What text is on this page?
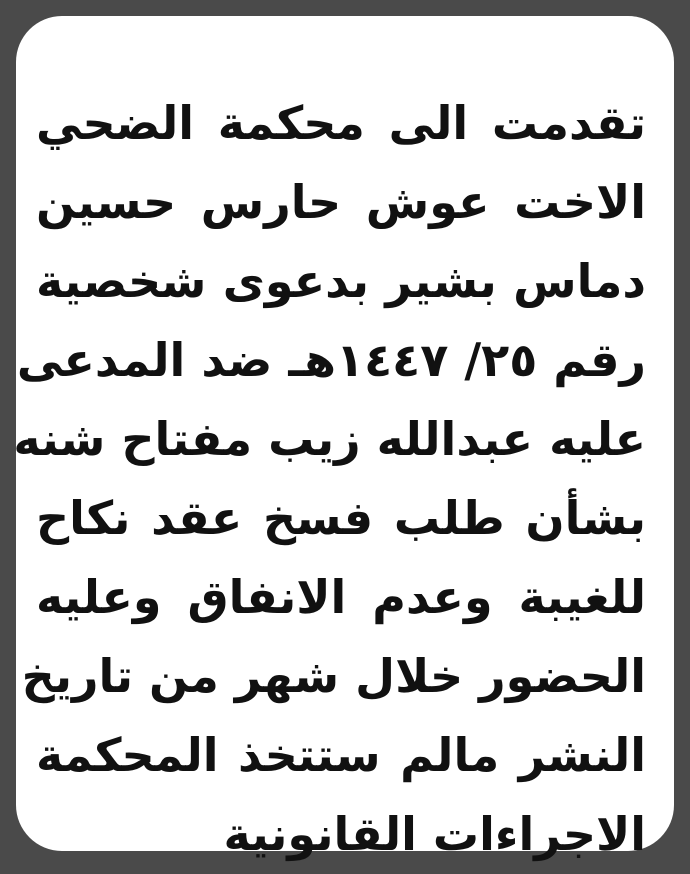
تقدمت الى محكمة الضحي
الاخت عوش حارس حسين
دماس بشير بدعوى شخصية
رقم ٢٥/ ١٤٤٧هـ ضد المدعى
عليه عبدالله زيب مفتاح شنه
بشأن طلب فسخ عقد نكاح
للغيبة وعدم الانفاق وعليه
الحضور خلال شهر من تاريخ
النشر مالم ستتخذ المحكمة
الاجراءات القانونية
